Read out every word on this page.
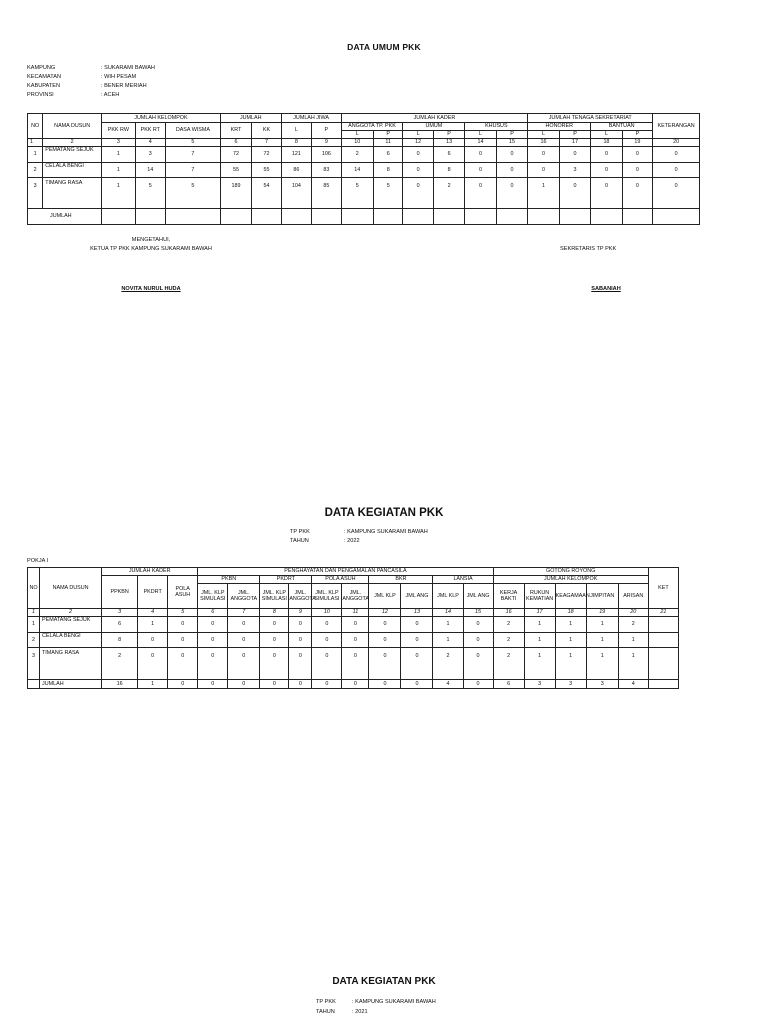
DATA UMUM PKK
KAMPUNG	: SUKARAMI BAWAH
KECAMATAN	: WIH PESAM
KABUPATEN	: BENER MERIAH
PROVINSI	: ACEH
NO	NAMA DUSUN	JUMLAH KELOMPOK			JUMLAH		JUMLAH JIWA		JUMLAH KADER						JUMLAH TENAGA SEKRETARIAT				KETERANGAN
		PKK RW	PKK RT	DASA WISMA	KRT	KK	L	P	ANGGOTA TP. PKK		UMUM		KHUSUS		HONORER		BANTUAN		
									L	P	L	P	L	P	L	P	L	P	
1	2	3	4	5	6	7	8	9	10	11	12	13	14	15	16	17	18	19	20
1	PEMATANG SEJUK	1	3	7	72	72	121	106	2	6	0	6	0	0	0	0	0	0	0
2	CELALA BENGI	1	14	7	55	55	86	83	14	8	0	8	0	0	0	3	0	0	0
3	TIMANG RASA	1	5	5	189	54	104	85	5	5	0	2	0	0	1	0	0	0	0
JUMLAH																			
MENGETAHUI,
KETUA TP PKK KAMPUNG SUKARAMI BAWAH	SEKRETARIS TP PKK
NOVITA NURUL HUDA	SABANIAH
DATA KEGIATAN PKK
TP PKK	: KAMPUNG SUKARAMI BAWAH
TAHUN	: 2022
POKJA I
NO	NAMA DUSUN	JUMLAH KADER			PENGHAYATAN DAN PENGAMALAN PANCASILA										GOTONG ROYONG					KET
		PPKBN	PKDRT	POLA ASUH	PKBN		PKDRT		POLA ASUH		BKR		LANSIA		JUMLAH KELOMPOK					
					JML. KLP SIMULASI	JML. ANGGOTA	JML. KLP SIMULASI	JML. ANGGOTA	JML. KLP SIMULASI	JML. ANGGOTA	JML KLP	JML ANG	JML KLP	JML ANG	KERJA BAKTI	RUKUN KEMATIAN	KEAGAMAAN	JIMPITAN	ARISAN	
1	2	3	4	5	6	7	8	9	10	11	12	13	14	15	16	17	18	19	20	21
1	PEMATANG SEJUK	6	1	0	0	0	0	0	0	0	0	0	1	0	2	1	1	1	2	
2	CELALA BENGI	8	0	0	0	0	0	0	0	0	0	0	1	0	2	1	1	1	1	
3	TIMANG RASA	2	0	0	0	0	0	0	0	0	0	0	2	0	2	1	1	1	1	
	JUMLAH	16	1	0	0	0	0	0	0	0	0	0	4	0	6	3	3	3	4	
DATA KEGIATAN PKK
TP PKK	: KAMPUNG SUKARAMI BAWAH
TAHUN	: 2021
